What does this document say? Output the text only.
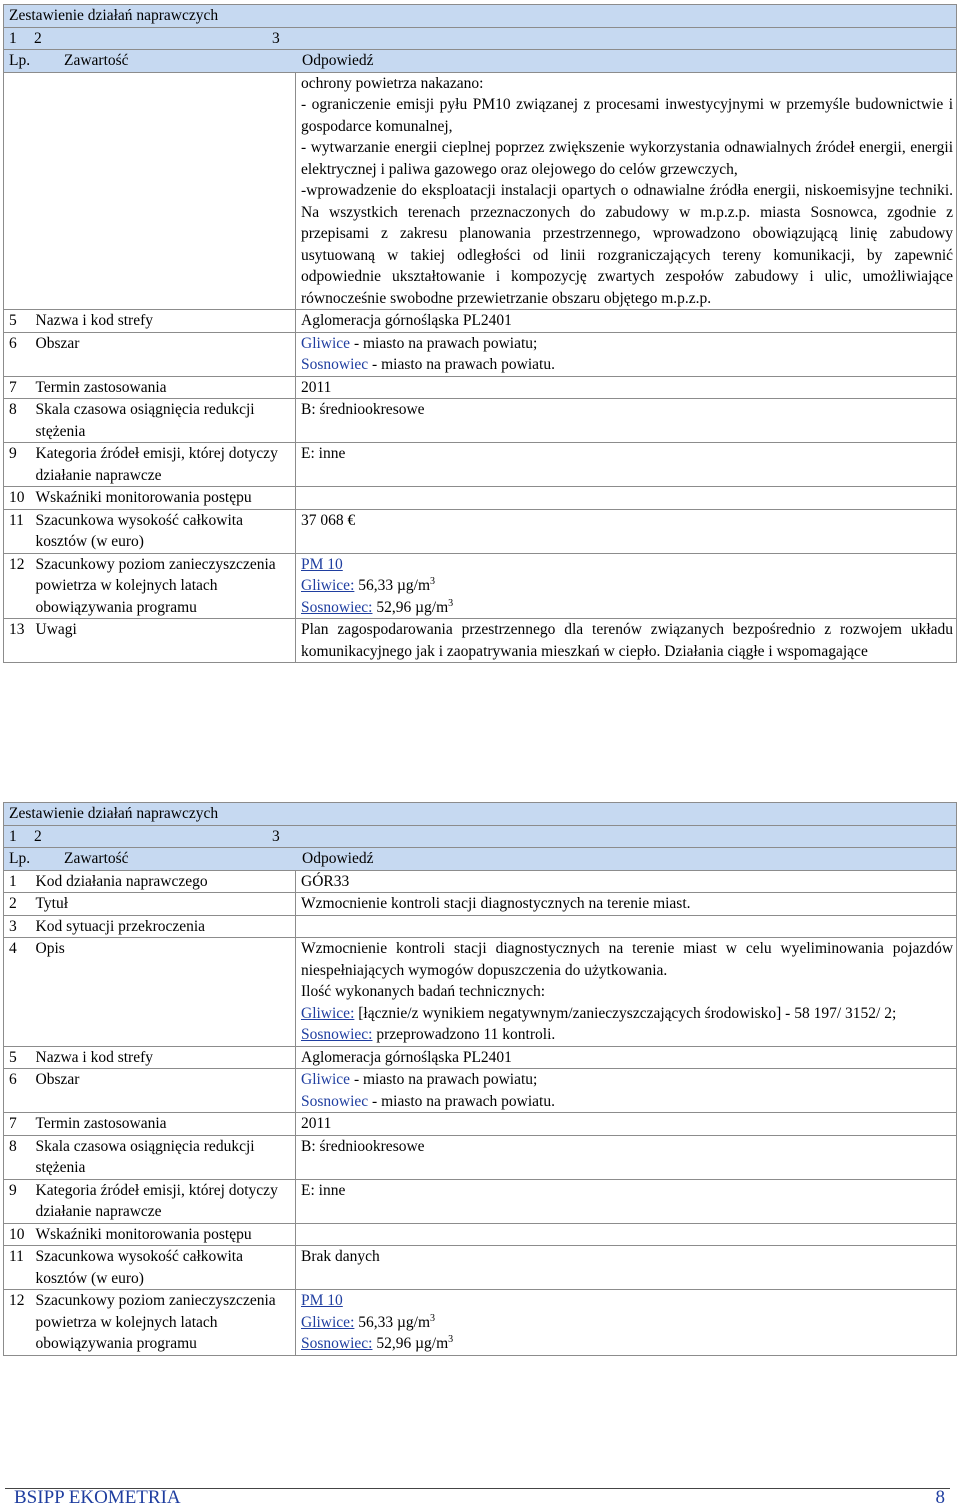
Zestawienie działań naprawczych		
1 2 3		
Lp. Zawartość Odpowiedź		

		ochrony powietrza nakazano:
- ograniczenie emisji pyłu PM10 związanej z procesami inwestycyjnymi w przemyśle budownictwie i gospodarce komunalnej,
- wytwarzanie energii cieplnej poprzez zwiększenie wykorzystania odnawialnych źródeł energii, energii elektrycznej i paliwa gazowego oraz olejowego do celów grzewczych,
-wprowadzenie do eksploatacji instalacji opartych o odnawialne źródła energii, niskoemisyjne techniki. Na wszystkich terenach przeznaczonych do zabudowy w m.p.z.p. miasta Sosnowca, zgodnie z przepisami z zakresu planowania przestrzennego, wprowadzono obowiązującą linię zabudowy usytuowaną w takiej odległości od linii rozgraniczających tereny komunikacji, by zapewnić odpowiednie ukształtowanie i kompozycję zwartych zespołów zabudowy i ulic, umożliwiające równocześnie swobodne przewietrzanie obszaru objętego m.p.z.p.

5	Nazwa i kod strefy	Aglomeracja górnośląska PL2401
6	Obszar	Gliwice - miasto na prawach powiatu;
Sosnowiec - miasto na prawach powiatu.

7	Termin zastosowania	2011
8	Skala czasowa osiągnięcia redukcji stężenia	B: średniookresowe
9	Kategoria źródeł emisji, której dotyczy działanie naprawcze	E: inne
10	Wskaźniki monitorowania postępu	
11	Szacunkowa wysokość całkowita kosztów (w euro)	37 068 €
12	Szacunkowy poziom zanieczyszczenia powietrza w kolejnych latach obowiązywania programu	PM 10
Gliwice: 56,33 $\mu g/m^3$
Sosnowiec: 52,96 $\mu g/m^3$

13	Uwagi	Plan zagospodarowania przestrzennego dla terenów związanych bezpośrednio z rozwojem układu komunikacyjnego jak i zaopatrywania mieszkań w ciepło. Działania ciągłe i wspomagające
Zestawienie działań naprawczych		
1 2 3		
Lp. Zawartość Odpowiedź		
1	Kod działania naprawczego	GÓR33
2	Tytuł	Wzmocnienie kontroli stacji diagnostycznych na terenie miast.
3	Kod sytuacji przekroczenia	
4	Opis	Wzmocnienie kontroli stacji diagnostycznych na terenie miast w celu wyeliminowania pojazdów niespełniających wymogów dopuszczenia do użytkowania.
Ilość wykonanych badań technicznych:
Gliwice: [łącznie/z wynikiem negatywnym/zanieczyszczających środowisko] - 58 197/ 3152/ 2;
Sosnowiec: przeprowadzono 11 kontroli.

5	Nazwa i kod strefy	Aglomeracja górnośląska PL2401
6	Obszar	Gliwice - miasto na prawach powiatu;
Sosnowiec - miasto na prawach powiatu.

7	Termin zastosowania	2011
8	Skala czasowa osiągnięcia redukcji stężenia	B: średniookresowe
9	Kategoria źródeł emisji, której dotyczy działanie naprawcze	E: inne
10	Wskaźniki monitorowania postępu	
11	Szacunkowa wysokość całkowita kosztów (w euro)	Brak danych
12	Szacunkowy poziom zanieczyszczenia powietrza w kolejnych latach obowiązywania programu	PM 10
Gliwice: 56,33 $\mu g/m^3$
Sosnowiec: 52,96 $\mu g/m^3$
BSIPP EKOMETRIA	8
